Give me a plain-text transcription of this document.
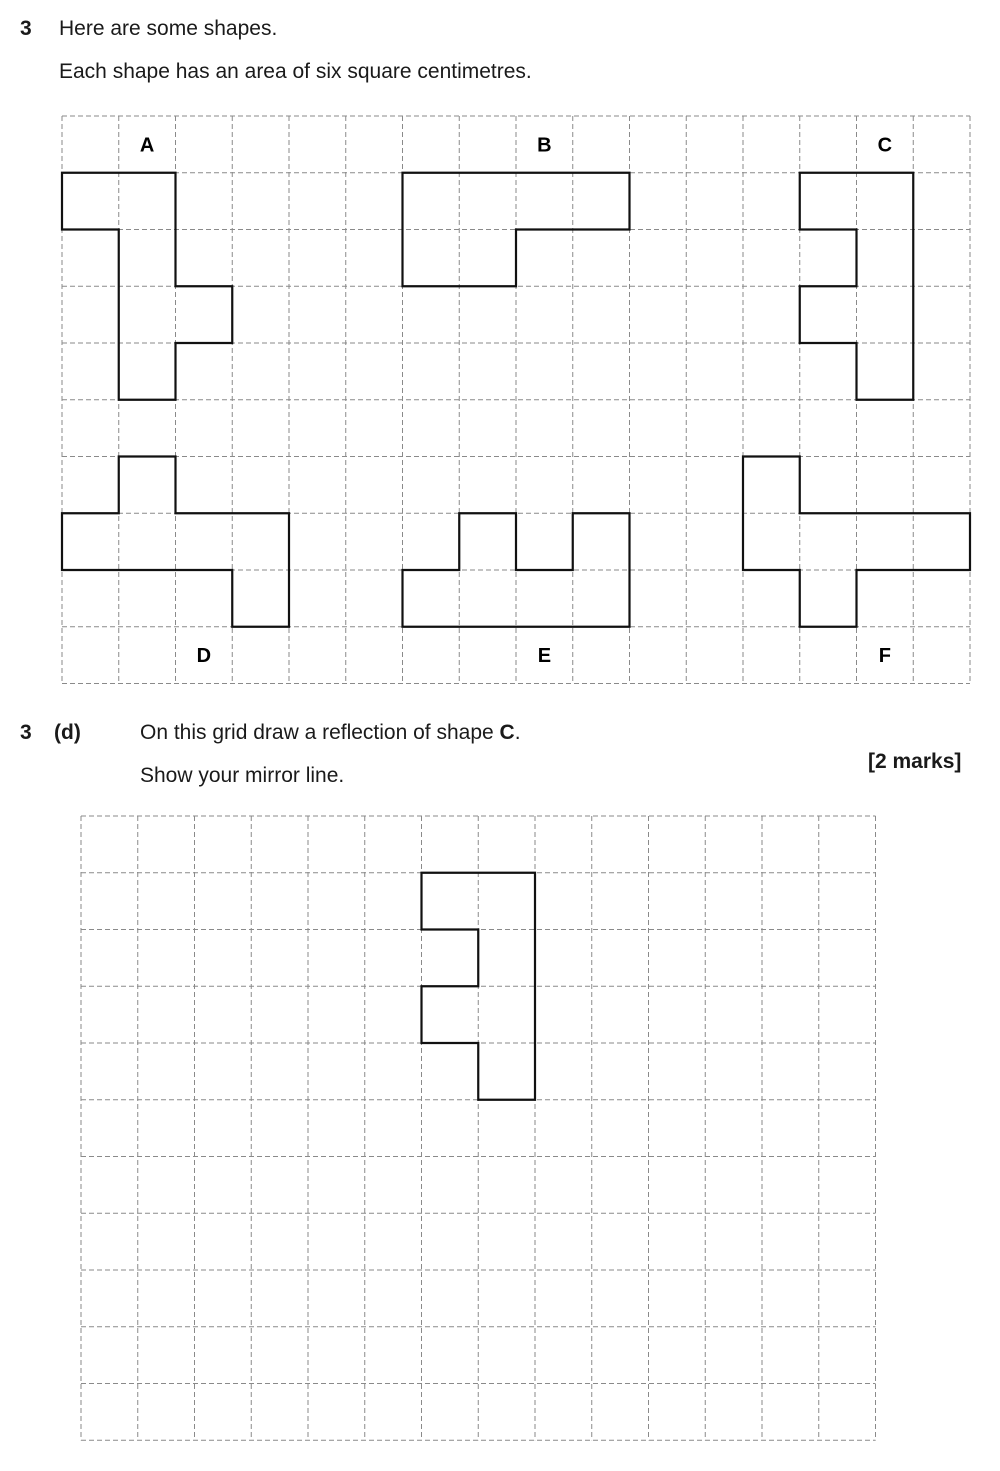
3 Here are some shapes.
Each shape has an area of six square centimetres.
A	B	C
D	E	F
3 (d)	On this grid draw a reflection of shape C.
Show your mirror line.
[2 marks]
